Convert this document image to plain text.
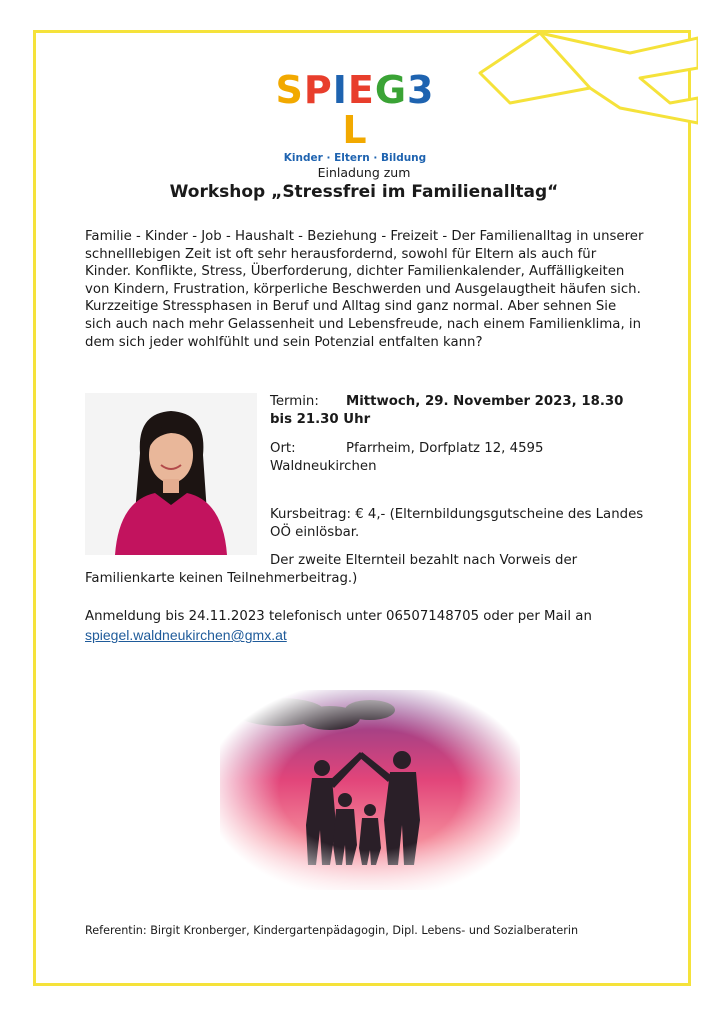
SPIEG3L
Kinder · Eltern · Bildung
Einladung zum
Workshop „Stressfrei im Familienalltag“
Familie - Kinder - Job - Haushalt - Beziehung - Freizeit - Der Familienalltag in unserer schnelllebigen Zeit ist oft sehr herausfordernd, sowohl für Eltern als auch für Kinder. Konflikte, Stress, Überforderung, dichter Familienkalender, Auffälligkeiten von Kindern, Frustration, körperliche Beschwerden und Ausgelaugtheit häufen sich. Kurzzeitige Stressphasen in Beruf und Alltag sind ganz normal. Aber sehnen Sie sich auch nach mehr Gelassenheit und Lebensfreude, nach einem Familienklima, in dem sich jeder wohlfühlt und sein Potenzial entfalten kann?
Termin: Mittwoch, 29. November 2023, 18.30 bis 21.30 Uhr
Ort:	Pfarrheim, Dorfplatz 12, 4595 Waldneukirchen
Kursbeitrag: € 4,- (Elternbildungsgutscheine des Landes OÖ einlösbar.
Der zweite Elternteil bezahlt nach Vorweis der
Familienkarte keinen Teilnehmerbeitrag.)
Anmeldung bis 24.11.2023 telefonisch unter 06507148705 oder per Mail an
spiegel.waldneukirchen@gmx.at
Referentin: Birgit Kronberger, Kindergartenpädagogin, Dipl. Lebens- und Sozialberaterin
